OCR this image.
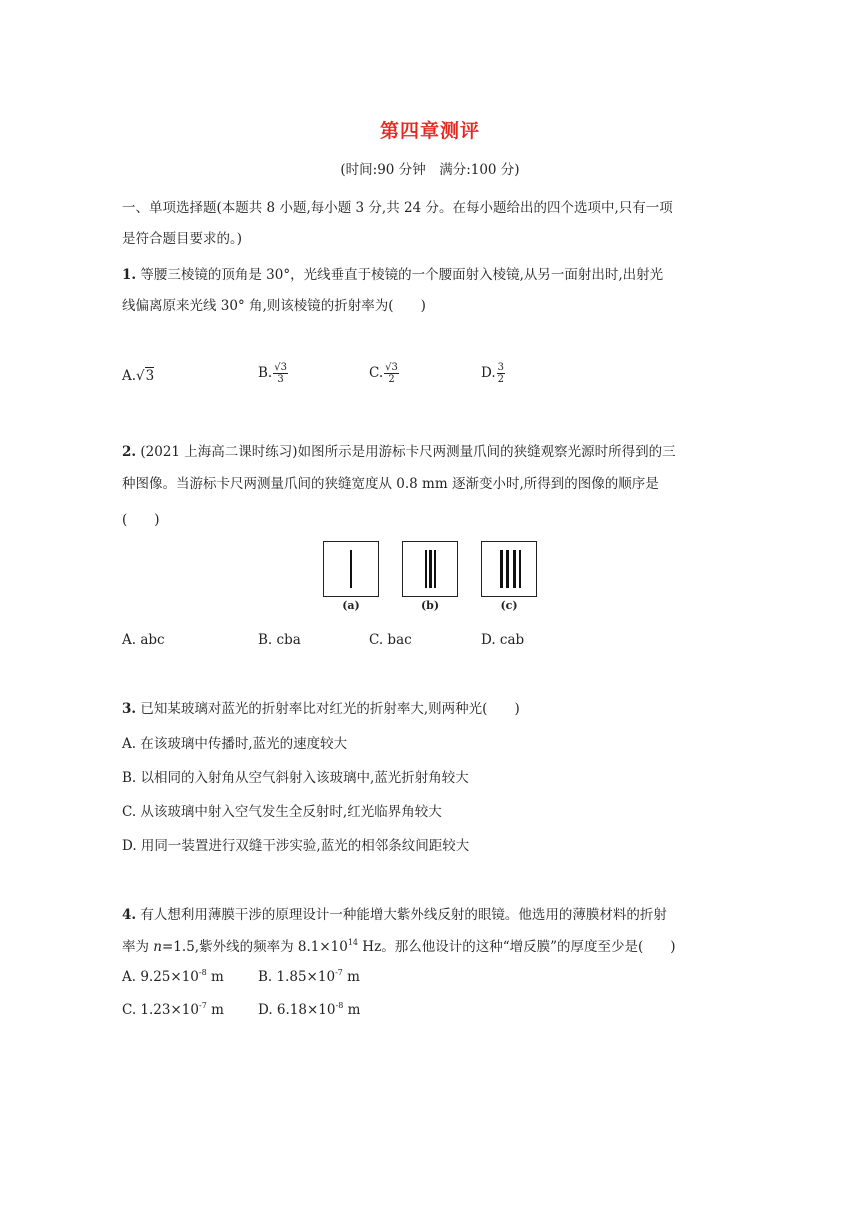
第四章测评
(时间:90 分钟　满分:100 分)
一、单项选择题(本题共 8 小题,每小题 3 分,共 24 分。在每小题给出的四个选项中,只有一项
是符合题目要求的。)
1. 等腰三棱镜的顶角是 30°，光线垂直于棱镜的一个腰面射入棱镜,从另一面射出时,出射光
线偏离原来光线 30° 角,则该棱镜的折射率为(　　)
A.√3	B. $\frac{√3}{3}$	C. $\frac{√3}{2}$	D. $\frac{3}{2}$
2. (2021 上海高二课时练习)如图所示是用游标卡尺两测量爪间的狭缝观察光源时所得到的三
种图像。当游标卡尺两测量爪间的狭缝宽度从 0.8 mm 逐渐变小时,所得到的图像的顺序是
(　　)
(a)	(b)	(c)
A. abc	B. cba	C. bac	D. cab
3. 已知某玻璃对蓝光的折射率比对红光的折射率大,则两种光(　　)
A. 在该玻璃中传播时,蓝光的速度较大
B. 以相同的入射角从空气斜射入该玻璃中,蓝光折射角较大
C. 从该玻璃中射入空气发生全反射时,红光临界角较大
D. 用同一装置进行双缝干涉实验,蓝光的相邻条纹间距较大
4. 有人想利用薄膜干涉的原理设计一种能增大紫外线反射的眼镜。他选用的薄膜材料的折射
率为 n=1.5,紫外线的频率为 $8.1\times 10^{14}$ Hz。那么他设计的这种“增反膜”的厚度至少是(　　)
A. $9.25\times 10^{-8}$ m	B. $1.85\times 10^{-7}$ m
C. $1.23\times 10^{-7}$ m	D. $6.18\times 10^{-8}$ m
